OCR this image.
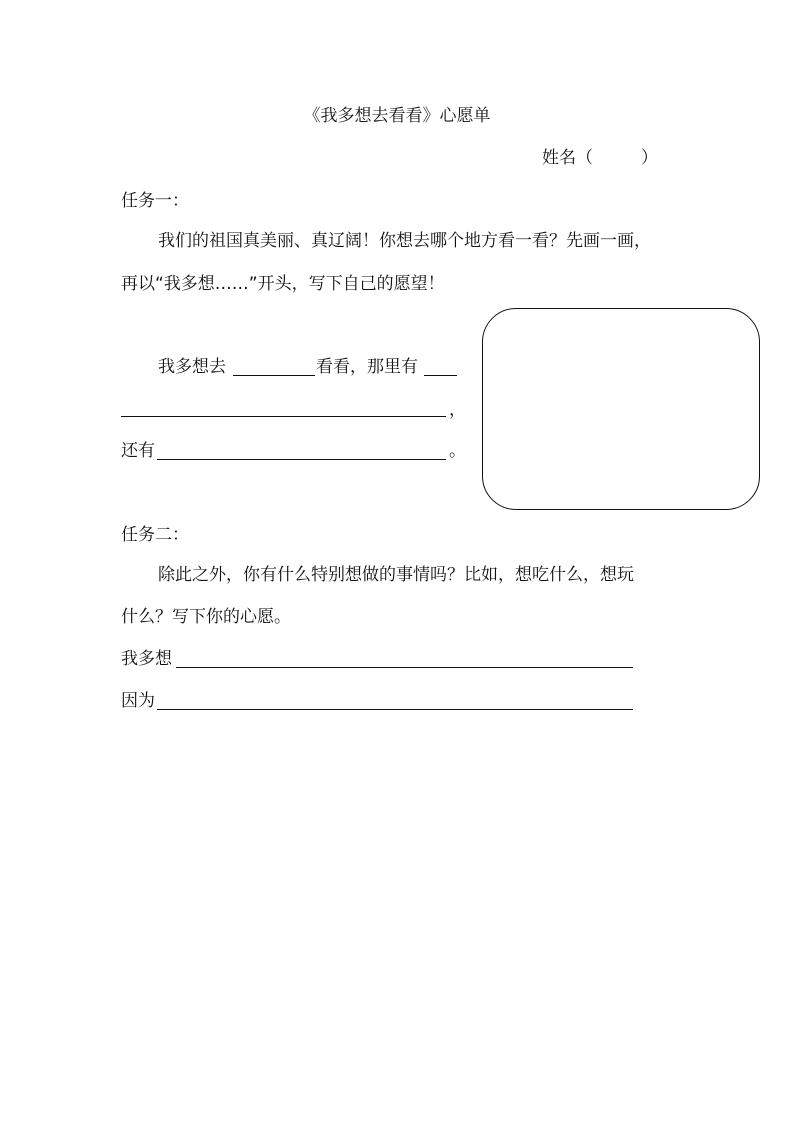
《我多想去看看》心愿单
姓名（	）
任务一：
我们的祖国真美丽、真辽阔！你想去哪个地方看一看？先画一画，
再以“我多想……”开头，写下自己的愿望！
我多想去	看看，那里有
，
还有	。
任务二：
除此之外，你有什么特别想做的事情吗？比如，想吃什么，想玩
什么？写下你的心愿。
我多想
因为
